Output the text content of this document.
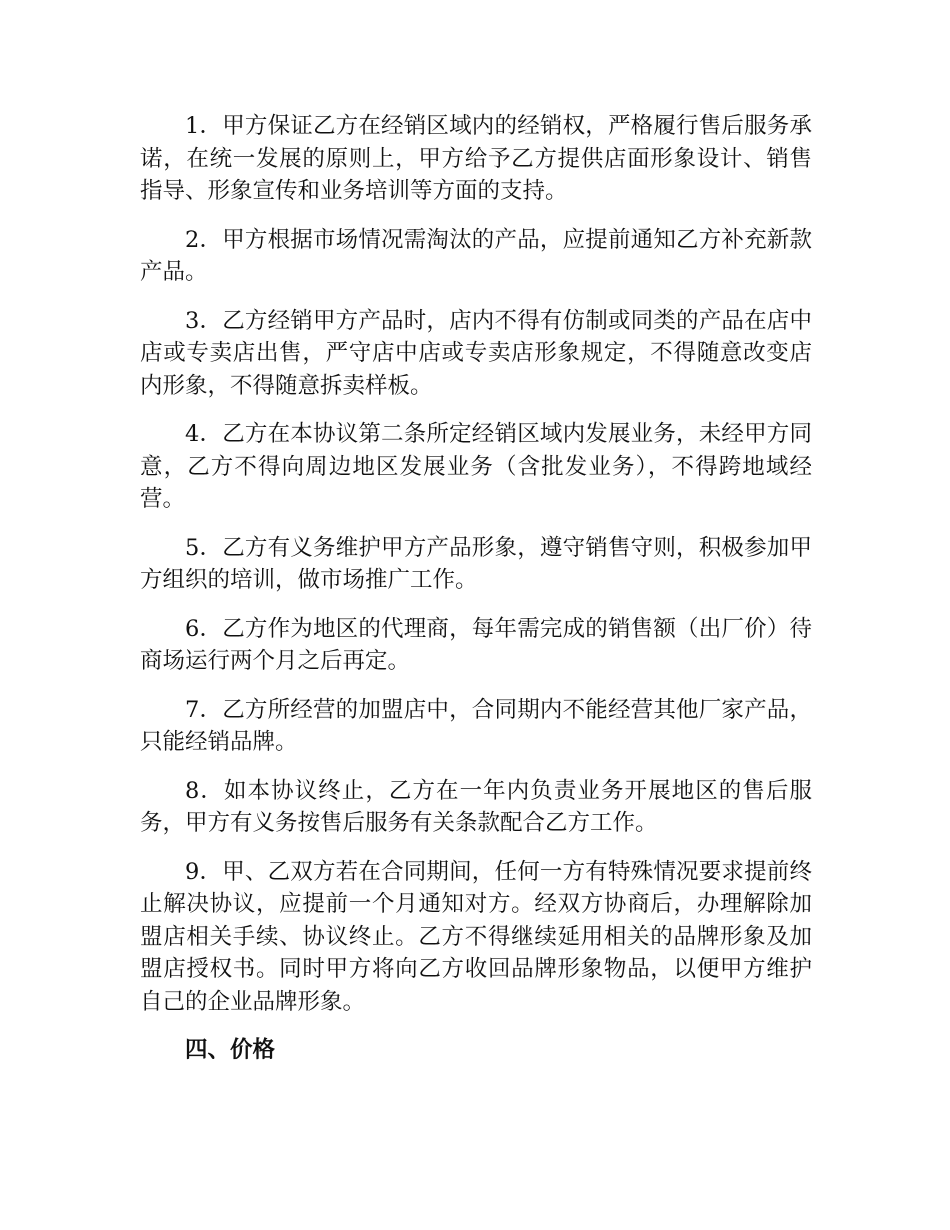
1．甲方保证乙方在经销区域内的经销权，严格履行售后服务承诺，在统一发展的原则上，甲方给予乙方提供店面形象设计、销售指导、形象宣传和业务培训等方面的支持。

2．甲方根据市场情况需淘汰的产品，应提前通知乙方补充新款产品。

3．乙方经销甲方产品时，店内不得有仿制或同类的产品在店中店或专卖店出售，严守店中店或专卖店形象规定，不得随意改变店内形象，不得随意拆卖样板。

4．乙方在本协议第二条所定经销区域内发展业务，未经甲方同意，乙方不得向周边地区发展业务（含批发业务），不得跨地域经营。

5．乙方有义务维护甲方产品形象，遵守销售守则，积极参加甲方组织的培训，做市场推广工作。

6．乙方作为地区的代理商，每年需完成的销售额（出厂价）待商场运行两个月之后再定。

7．乙方所经营的加盟店中，合同期内不能经营其他厂家产品，只能经销品牌。

8．如本协议终止，乙方在一年内负责业务开展地区的售后服务，甲方有义务按售后服务有关条款配合乙方工作。

9．甲、乙双方若在合同期间，任何一方有特殊情况要求提前终止解决协议，应提前一个月通知对方。经双方协商后，办理解除加盟店相关手续、协议终止。乙方不得继续延用相关的品牌形象及加盟店授权书。同时甲方将向乙方收回品牌形象物品，以便甲方维护自己的企业品牌形象。

四、价格
